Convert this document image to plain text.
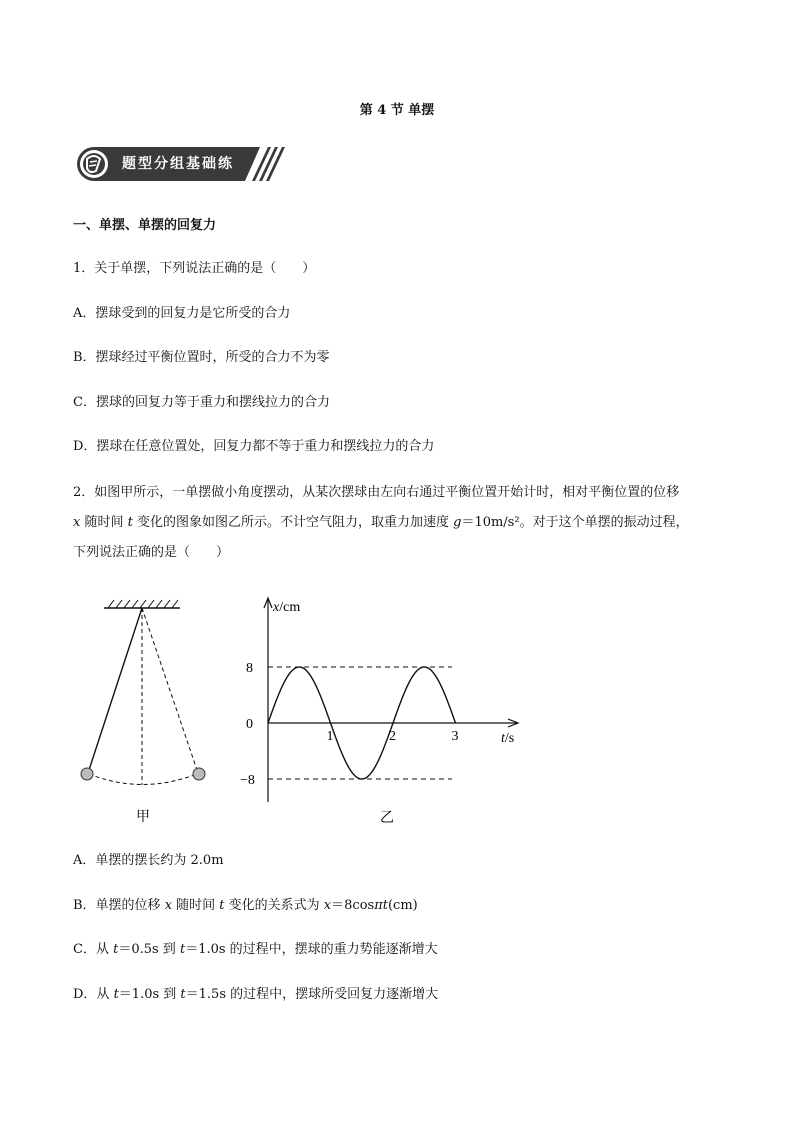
第 4 节 单摆
题型分组基础练
一、单摆、单摆的回复力
1．关于单摆，下列说法正确的是（　　）
A．摆球受到的回复力是它所受的合力
B．摆球经过平衡位置时，所受的合力不为零
C．摆球的回复力等于重力和摆线拉力的合力
D．摆球在任意位置处，回复力都不等于重力和摆线拉力的合力
2．如图甲所示，一单摆做小角度摆动，从某次摆球由左向右通过平衡位置开始计时，相对平衡位置的位移
x 随时间 t 变化的图象如图乙所示。不计空气阻力，取重力加速度 g＝10m/s²。对于这个单摆的振动过程，
下列说法正确的是（　　）
甲
x/cm
t/s
8
0
−8
1	2	3
乙
A．单摆的摆长约为 2.0m
B．单摆的位移 x 随时间 t 变化的关系式为 x＝8cosπt(cm)
C．从 t＝0.5s 到 t＝1.0s 的过程中，摆球的重力势能逐渐增大
D．从 t＝1.0s 到 t＝1.5s 的过程中，摆球所受回复力逐渐增大
